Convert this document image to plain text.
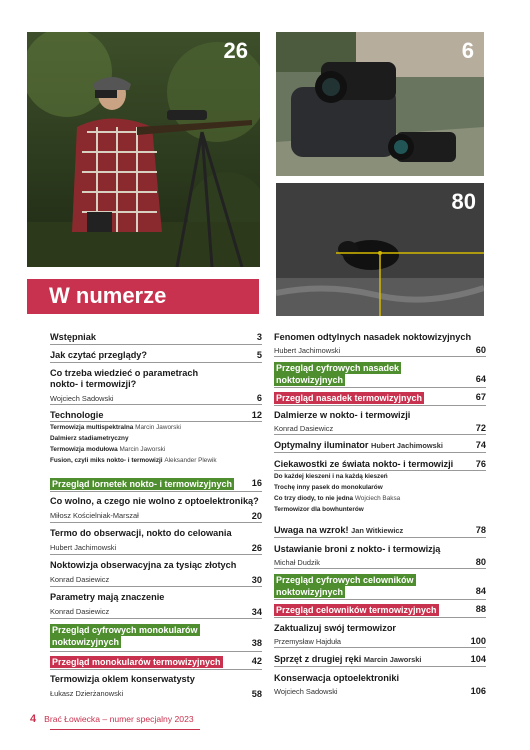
26	6
80
W numerze
Wstępniak	3
Jak czytać przeglądy?	5
Co trzeba wiedzieć o parametrach nokto- i termowizji?
Wojciech Sadowski	6
Technologie	12
Termowizja multispektralna Marcin Jaworski
Dalmierz stadiametryczny
Termowizja modułowa Marcin Jaworski
Fusion, czyli miks nokto- i termowizji Aleksander Plewik
Przegląd lornetek nokto- i termowizyjnych	16
Co wolno, a czego nie wolno z optoelektroniką?
Miłosz Kościelniak-Marszał	20
Termo do obserwacji, nokto do celowania
Hubert Jachimowski	26
Noktowizja obserwacyjna za tysiąc złotych
Konrad Dasiewicz	30
Parametry mają znaczenie
Konrad Dasiewicz	34
Przegląd cyfrowych monokularów noktowizyjnych	38
Przegląd monokularów termowizyjnych	42
Termowizja oklem konserwatysty
Łukasz Dzierżanowski	58
Fenomen odtylnych nasadek noktowizyjnych
Hubert Jachimowski	60
Przegląd cyfrowych nasadek noktowizyjnych	64
Przegląd nasadek termowizyjnych	67
Dalmierze w nokto- i termowizji
Konrad Dasiewicz	72
Optymalny iluminator Hubert Jachimowski	74
Ciekawostki ze świata nokto- i termowizji	76
Do każdej kieszeni i na każdą kieszeń
Trochę inny pasek do monokularów
Co trzy diody, to nie jedna Wojciech Baksa
Termowizor dla bowhunterów
Uwaga na wzrok! Jan Witkiewicz	78
Ustawianie broni z nokto- i termowizją
Michał Dudzik	80
Przegląd cyfrowych celowników noktowizyjnych	84
Przegląd celowników termowizyjnych	88
Zaktualizuj swój termowizor
Przemysław Hajduła	100
Sprzęt z drugiej ręki Marcin Jaworski	104
Konserwacja optoelektroniki
Wojciech Sadowski	106
4 Brać Łowiecka – numer specjalny 2023
